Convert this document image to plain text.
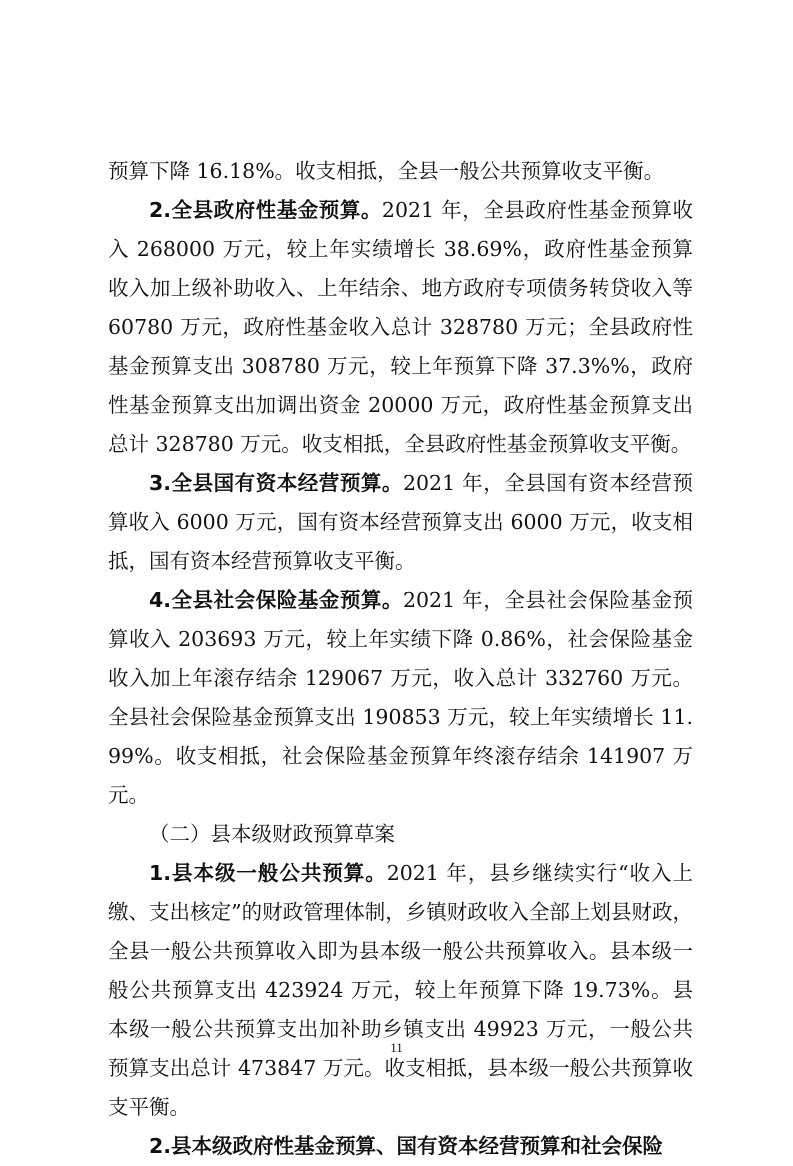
预算下降 16.18%。收支相抵，全县一般公共预算收支平衡。

2.全县政府性基金预算。2021 年，全县政府性基金预算收入 268000 万元，较上年实绩增长 38.69%，政府性基金预算收入加上级补助收入、上年结余、地方政府专项债务转贷收入等 60780 万元，政府性基金收入总计 328780 万元；全县政府性基金预算支出 308780 万元，较上年预算下降 37.3%%，政府性基金预算支出加调出资金 20000 万元，政府性基金预算支出总计 328780 万元。收支相抵，全县政府性基金预算收支平衡。

3.全县国有资本经营预算。2021 年，全县国有资本经营预算收入 6000 万元，国有资本经营预算支出 6000 万元，收支相抵，国有资本经营预算收支平衡。

4.全县社会保险基金预算。2021 年，全县社会保险基金预算收入 203693 万元，较上年实绩下降 0.86%，社会保险基金收入加上年滚存结余 129067 万元，收入总计 332760 万元。全县社会保险基金预算支出 190853 万元，较上年实绩增长 11.99%。收支相抵，社会保险基金预算年终滚存结余 141907 万元。

（二）县本级财政预算草案

1.县本级一般公共预算。2021 年，县乡继续实行“收入上缴、支出核定”的财政管理体制，乡镇财政收入全部上划县财政，全县一般公共预算收入即为县本级一般公共预算收入。县本级一般公共预算支出 423924 万元，较上年预算下降 19.73%。县本级一般公共预算支出加补助乡镇支出 49923 万元，一般公共预算支出总计 473847 万元。收支相抵，县本级一般公共预算收支平衡。

2.县本级政府性基金预算、国有资本经营预算和社会保险

11
